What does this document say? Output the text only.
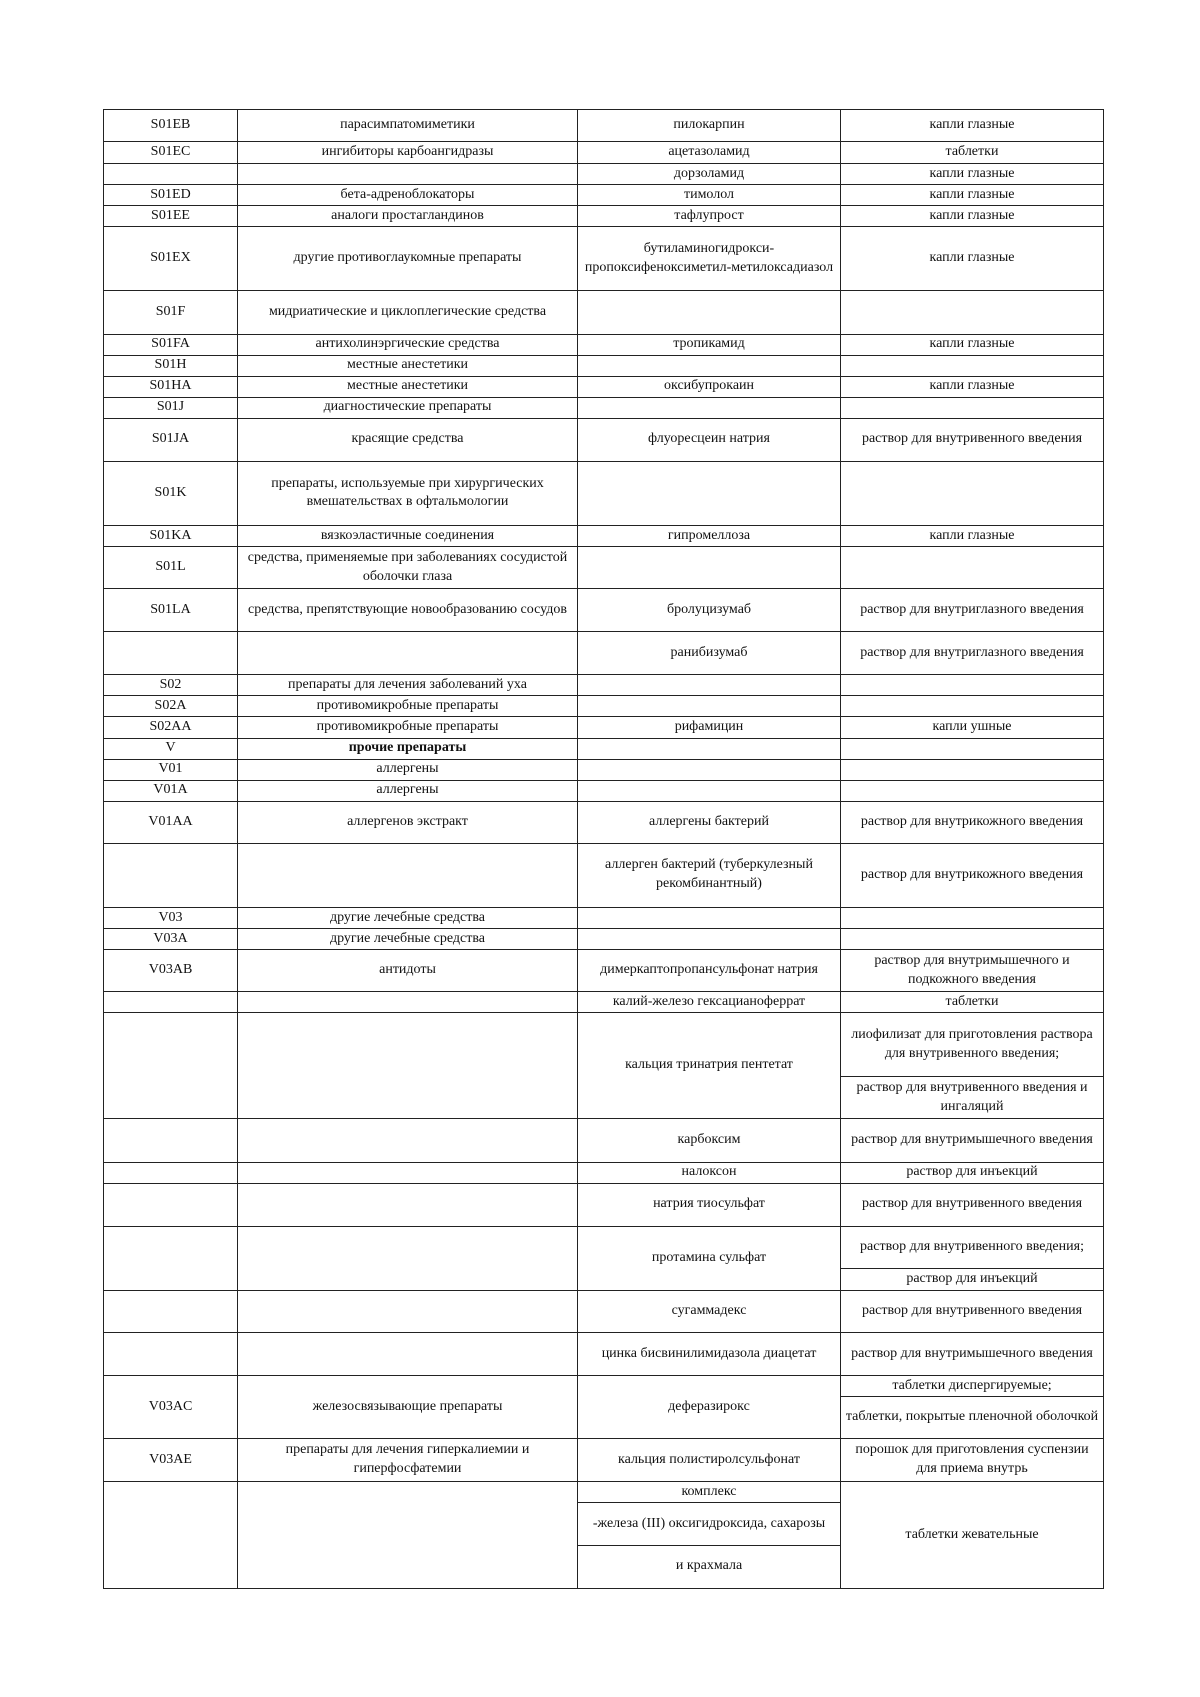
S01EB	парасимпатомиметики	пилокарпин	капли глазные
S01EC	ингибиторы карбоангидразы	ацетазоламид	таблетки
		дорзоламид	капли глазные
S01ED	бета-адреноблокаторы	тимолол	капли глазные
S01EE	аналоги простагландинов	тафлупрост	капли глазные
S01EX	другие противоглаукомные препараты	бутиламиногидрокси-пропоксифеноксиметил-метилоксадиазол	капли глазные
S01F	мидриатические и циклоплегические средства		
S01FA	антихолинэргические средства	тропикамид	капли глазные
S01H	местные анестетики		
S01HA	местные анестетики	оксибупрокаин	капли глазные
S01J	диагностические препараты		
S01JA	красящие средства	флуоресцеин натрия	раствор для внутривенного введения
S01K	препараты, используемые при хирургических вмешательствах в офтальмологии		
S01KA	вязкоэластичные соединения	гипромеллоза	капли глазные
S01L	средства, применяемые при заболеваниях сосудистой оболочки глаза		
S01LA	средства, препятствующие новообразованию сосудов	бролуцизумаб	раствор для внутриглазного введения
		ранибизумаб	раствор для внутриглазного введения
S02	препараты для лечения заболеваний уха		
S02A	противомикробные препараты		
S02AA	противомикробные препараты	рифамицин	капли ушные
V	прочие препараты		
V01	аллергены		
V01A	аллергены		
V01AA	аллергенов экстракт	аллергены бактерий	раствор для внутрикожного введения
		аллерген бактерий (туберкулезный рекомбинантный)	раствор для внутрикожного введения
V03	другие лечебные средства		
V03A	другие лечебные средства		
V03AB	антидоты	димеркаптопропансульфонат натрия	раствор для внутримышечного и подкожного введения
		калий-железо гексацианоферрат	таблетки
		кальция тринатрия пентетат	лиофилизат для приготовления раствора для внутривенного введения;
			раствор для внутривенного введения и ингаляций
		карбоксим	раствор для внутримышечного введения
		налоксон	раствор для инъекций
		натрия тиосульфат	раствор для внутривенного введения
		протамина сульфат	раствор для внутривенного введения;
			раствор для инъекций
		сугаммадекс	раствор для внутривенного введения
		цинка бисвинилимидазола диацетат	раствор для внутримышечного введения
V03AC	железосвязывающие препараты	деферазирокс	таблетки диспергируемые;
			таблетки, покрытые пленочной оболочкой
V03AE	препараты для лечения гиперкалиемии и гиперфосфатемии	кальция полистиролсульфонат	порошок для приготовления суспензии для приема внутрь
		комплекс	таблетки жевательные
		-железа (III) оксигидроксида, сахарозы	
		и крахмала	
